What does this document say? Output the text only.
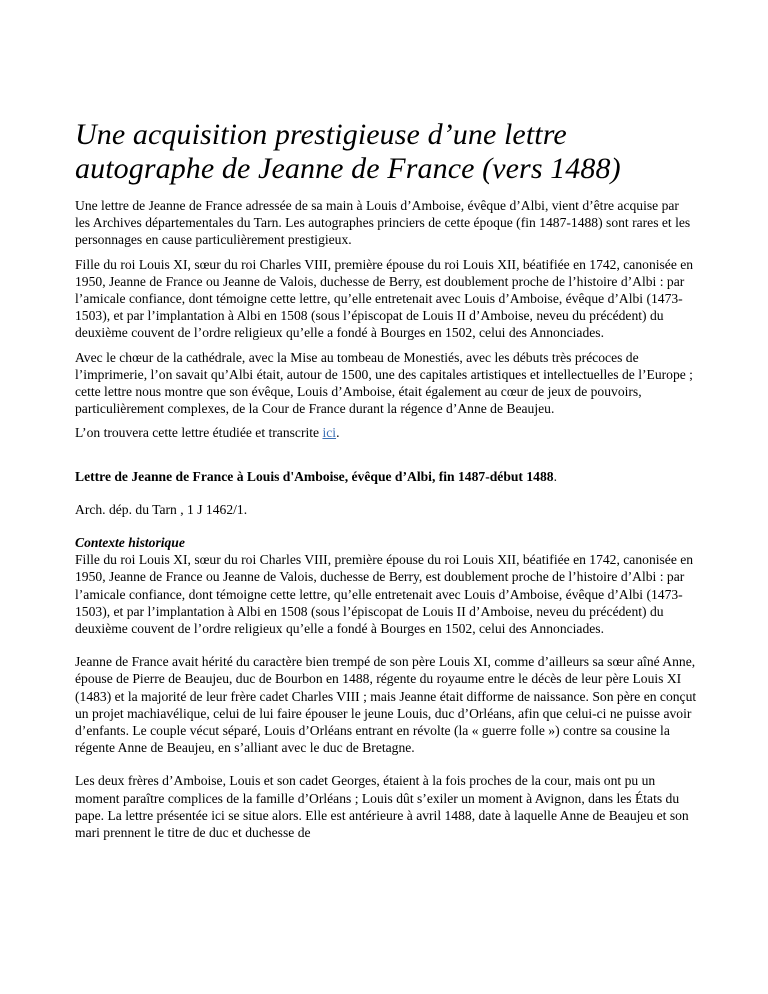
Une acquisition prestigieuse d’une lettre autographe de Jeanne de France (vers 1488)

Une lettre de Jeanne de France adressée de sa main à Louis d’Amboise, évêque d’Albi, vient d’être acquise par les Archives départementales du Tarn. Les autographes princiers de cette époque (fin 1487-1488) sont rares et les personnages en cause particulièrement prestigieux.

Fille du roi Louis XI, sœur du roi Charles VIII, première épouse du roi Louis XII, béatifiée en 1742, canonisée en 1950, Jeanne de France ou Jeanne de Valois, duchesse de Berry, est doublement proche de l’histoire d’Albi : par l’amicale confiance, dont témoigne cette lettre, qu’elle entretenait avec Louis d’Amboise, évêque d’Albi (1473-1503), et par l’implantation à Albi en 1508 (sous l’épiscopat de Louis II d’Amboise, neveu du précédent) du deuxième couvent de l’ordre religieux qu’elle a fondé à Bourges en 1502, celui des Annonciades.

Avec le chœur de la cathédrale, avec la Mise au tombeau de Monestiés, avec les débuts très précoces de l’imprimerie, l’on savait qu’Albi était, autour de 1500, une des capitales artistiques et intellectuelles de l’Europe ; cette lettre nous montre que son évêque, Louis d’Amboise, était également au cœur de jeux de pouvoirs, particulièrement complexes, de la Cour de France durant la régence d’Anne de Beaujeu.

L’on trouvera cette lettre étudiée et transcrite ici.

Lettre de Jeanne de France à Louis d'Amboise, évêque d’Albi, fin 1487-début 1488.

Arch. dép. du Tarn , 1 J 1462/1.

Contexte historique
Fille du roi Louis XI, sœur du roi Charles VIII, première épouse du roi Louis XII, béatifiée en 1742, canonisée en 1950, Jeanne de France ou Jeanne de Valois, duchesse de Berry, est doublement proche de l’histoire d’Albi : par l’amicale confiance, dont témoigne cette lettre, qu’elle entretenait avec Louis d’Amboise, évêque d’Albi (1473-1503), et par l’implantation à Albi en 1508 (sous l’épiscopat de Louis II d’Amboise, neveu du précédent) du deuxième couvent de l’ordre religieux qu’elle a fondé à Bourges en 1502, celui des Annonciades.

Jeanne de France avait hérité du caractère bien trempé de son père Louis XI, comme d’ailleurs sa sœur aîné Anne, épouse de Pierre de Beaujeu, duc de Bourbon en 1488, régente du royaume entre le décès de leur père Louis XI (1483) et la majorité de leur frère cadet Charles VIII ; mais Jeanne était difforme de naissance. Son père en conçut un projet machiavélique, celui de lui faire épouser le jeune Louis, duc d’Orléans, afin que celui-ci ne puisse avoir d’enfants. Le couple vécut séparé, Louis d’Orléans entrant en révolte (la « guerre folle ») contre sa cousine la régente Anne de Beaujeu, en s’alliant avec le duc de Bretagne.

Les deux frères d’Amboise, Louis et son cadet Georges, étaient à la fois proches de la cour, mais ont pu un moment paraître complices de la famille d’Orléans ; Louis dût s’exiler un moment à Avignon, dans les États du pape. La lettre présentée ici se situe alors. Elle est antérieure à avril 1488, date à laquelle Anne de Beaujeu et son mari prennent le titre de duc et duchesse de
